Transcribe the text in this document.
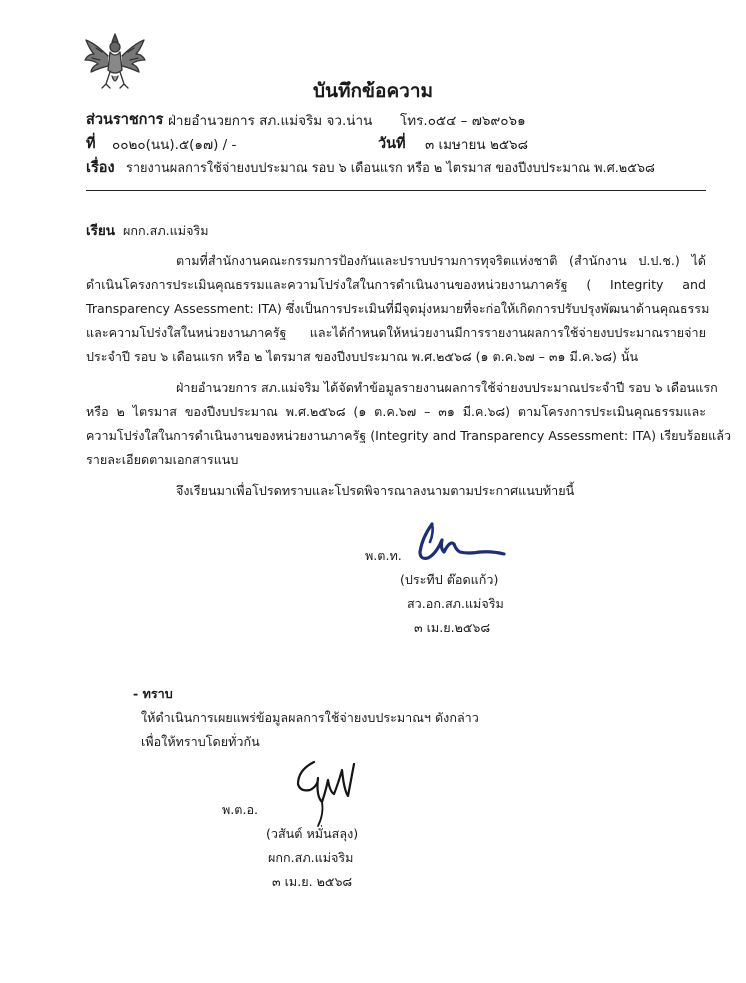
บันทึกข้อความ
ส่วนราชการ ฝ่ายอำนวยการ สภ.แม่จริม จว.น่าน โทร.๐๕๔ – ๗๖๙๐๖๑
ที่ ๐๐๒๐(นน).๕(๑๗) / -	วันที่ ๓ เมษายน ๒๕๖๘
เรื่อง รายงานผลการใช้จ่ายงบประมาณ รอบ ๖ เดือนแรก หรือ ๒ ไตรมาส ของปีงบประมาณ พ.ศ.๒๕๖๘
เรียน ผกก.สภ.แม่จริม
ตามที่สำนักงานคณะกรรมการป้องกันและปราบปรามการทุจริตแห่งชาติ (สำนักงาน ป.ป.ช.) ได้
ดำเนินโครงการประเมินคุณธรรมและความโปร่งใสในการดำเนินงานของหน่วยงานภาครัฐ ( Integrity and
Transparency Assessment: ITA) ซึ่งเป็นการประเมินที่มีจุดมุ่งหมายที่จะก่อให้เกิดการปรับปรุงพัฒนาด้านคุณธรรม
และความโปร่งใสในหน่วยงานภาครัฐ และได้กำหนดให้หน่วยงานมีการรายงานผลการใช้จ่ายงบประมาณรายจ่าย
ประจำปี รอบ ๖ เดือนแรก หรือ ๒ ไตรมาส ของปีงบประมาณ พ.ศ.๒๕๖๘ (๑ ต.ค.๖๗ – ๓๑ มี.ค.๖๘) นั้น
ฝ่ายอำนวยการ สภ.แม่จริม ได้จัดทำข้อมูลรายงานผลการใช้จ่ายงบประมาณประจำปี รอบ ๖ เดือนแรก
หรือ ๒ ไตรมาส ของปีงบประมาณ พ.ศ.๒๕๖๘ (๑ ต.ค.๖๗ – ๓๑ มี.ค.๖๘) ตามโครงการประเมินคุณธรรมและ
ความโปร่งใสในการดำเนินงานของหน่วยงานภาครัฐ (Integrity and Transparency Assessment: ITA) เรียบร้อยแล้ว
รายละเอียดตามเอกสารแนบ
จึงเรียนมาเพื่อโปรดทราบและโปรดพิจารณาลงนามตามประกาศแนบท้ายนี้
พ.ต.ท.
(ประทีป ต๊อดแก้ว)
สว.อก.สภ.แม่จริม
๓ เม.ย.๒๕๖๘
- ทราบ
ให้ดำเนินการเผยแพร่ข้อมูลผลการใช้จ่ายงบประมาณฯ ดังกล่าว
เพื่อให้ทราบโดยทั่วกัน
พ.ต.อ.
(วสันต์ หมั่นสลุง)
ผกก.สภ.แม่จริม
๓ เม.ย. ๒๕๖๘
